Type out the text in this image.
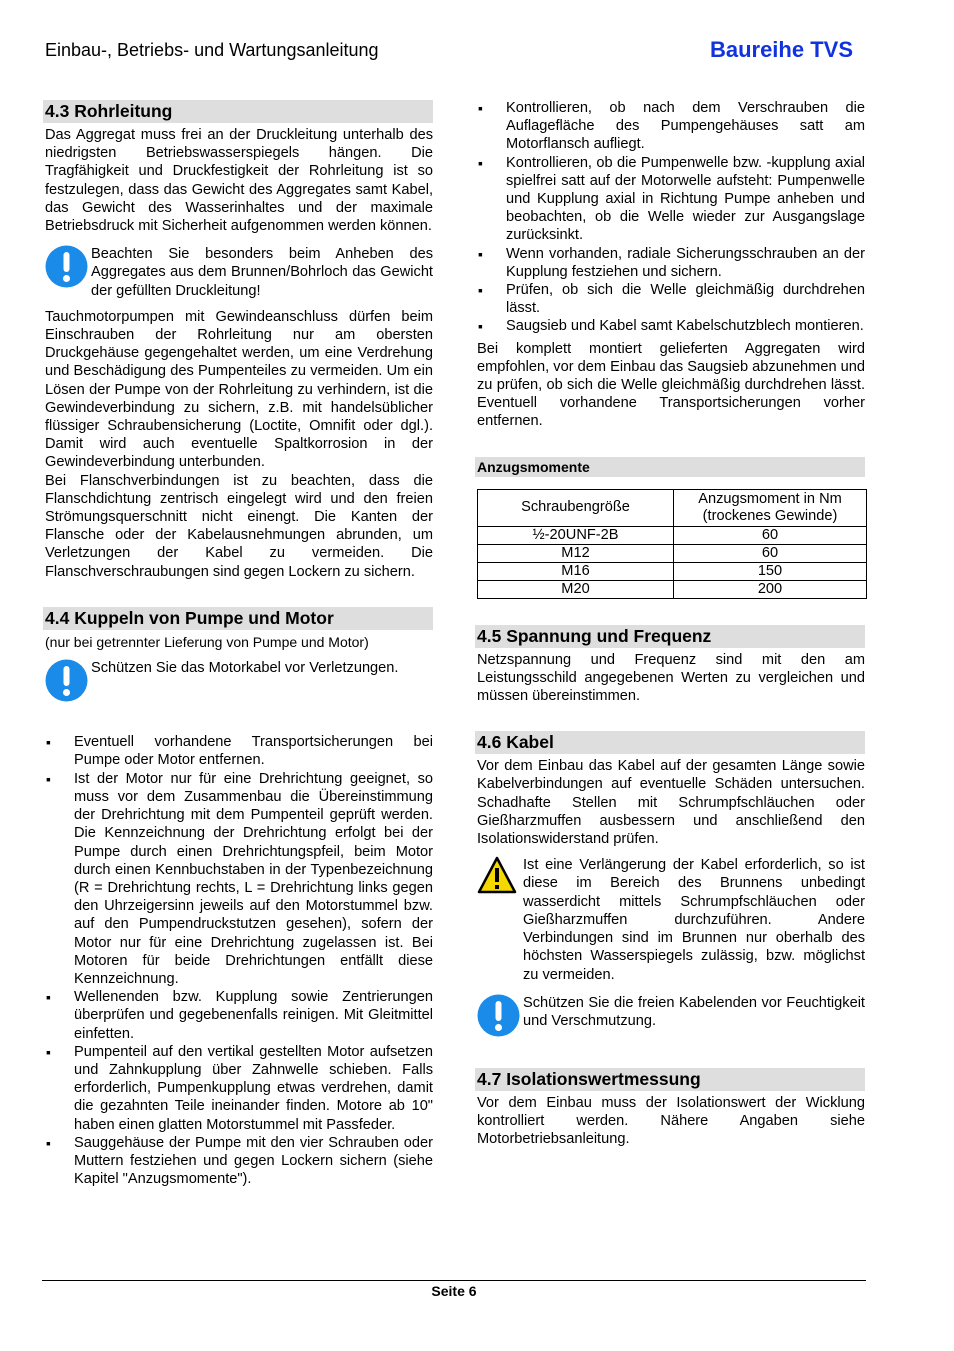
Einbau-, Betriebs- und Wartungsanleitung	Baureihe TVS
4.3 Rohrleitung

Das Aggregat muss frei an der Druckleitung unterhalb des niedrigsten Betriebswasserspiegels hängen. Die Tragfähigkeit und Druckfestigkeit der Rohrleitung ist so festzulegen, dass das Gewicht des Aggregates samt Kabel, das Gewicht des Wasserinhaltes und der maximale Betriebsdruck mit Sicherheit aufgenommen werden können.

Beachten Sie besonders beim Anheben des Aggregates aus dem Brunnen/Bohrloch das Gewicht der gefüllten Druckleitung!

Tauchmotorpumpen mit Gewindeanschluss dürfen beim Einschrauben der Rohrleitung nur am obersten Druckgehäuse gegengehaltet werden, um eine Verdrehung und Beschädigung des Pumpenteiles zu vermeiden. Um ein Lösen der Pumpe von der Rohrleitung zu verhindern, ist die Gewindeverbindung zu sichern, z.B. mit handelsüblicher flüssiger Schraubensicherung (Loctite, Omnifit oder dgl.). Damit wird auch eventuelle Spaltkorrosion in der Gewindeverbindung unterbunden.

Bei Flanschverbindungen ist zu beachten, dass die Flanschdichtung zentrisch eingelegt wird und den freien Strömungsquerschnitt nicht einengt. Die Kanten der Flansche oder der Kabelausnehmungen abrunden, um Verletzungen der Kabel zu vermeiden. Die Flanschverschraubungen sind gegen Lockern zu sichern.

4.4 Kuppeln von Pumpe und Motor
(nur bei getrennter Lieferung von Pumpe und Motor)

Schützen Sie das Motorkabel vor Verletzungen.

▪ Eventuell vorhandene Transportsicherungen bei Pumpe oder Motor entfernen.
▪ Ist der Motor nur für eine Drehrichtung geeignet, so muss vor dem Zusammenbau die Übereinstimmung der Drehrichtung mit dem Pumpenteil geprüft werden. Die Kennzeichnung der Drehrichtung erfolgt bei der Pumpe durch einen Drehrichtungspfeil, beim Motor durch einen Kennbuchstaben in der Typenbezeichnung (R = Drehrichtung rechts, L = Drehrichtung links gegen den Uhrzeigersinn jeweils auf den Motorstummel bzw. auf den Pumpendruckstutzen gesehen), sofern der Motor nur für eine Drehrichtung zugelassen ist. Bei Motoren für beide Drehrichtungen entfällt diese Kennzeichnung.
▪ Wellenenden bzw. Kupplung sowie Zentrierungen überprüfen und gegebenenfalls reinigen. Mit Gleitmittel einfetten.
▪ Pumpenteil auf den vertikal gestellten Motor aufsetzen und Zahnkupplung über Zahnwelle schieben. Falls erforderlich, Pumpenkupplung etwas verdrehen, damit die gezahnten Teile ineinander finden. Motore ab 10" haben einen glatten Motorstummel mit Passfeder.
▪ Sauggehäuse der Pumpe mit den vier Schrauben oder Muttern festziehen und gegen Lockern sichern (siehe Kapitel "Anzugsmomente").
▪ Kontrollieren, ob nach dem Verschrauben die Auflagefläche des Pumpengehäuses satt am Motorflansch aufliegt.
▪ Kontrollieren, ob die Pumpenwelle bzw. -kupplung axial spielfrei satt auf der Motorwelle aufsteht: Pumpenwelle und Kupplung axial in Richtung Pumpe anheben und beobachten, ob die Welle wieder zur Ausgangslage zurücksinkt.
▪ Wenn vorhanden, radiale Sicherungsschrauben an der Kupplung festziehen und sichern.
▪ Prüfen, ob sich die Welle gleichmäßig durchdrehen lässt.
▪ Saugsieb und Kabel samt Kabelschutzblech montieren.

Bei komplett montiert gelieferten Aggregaten wird empfohlen, vor dem Einbau das Saugsieb abzunehmen und zu prüfen, ob sich die Welle gleichmäßig durchdrehen lässt. Eventuell vorhandene Transportsicherungen vorher entfernen.

Anzugsmomente
Schraubengröße	Anzugsmoment in Nm (trockenes Gewinde)
½-20UNF-2B	60
M12	60
M16	150
M20	200
4.5 Spannung und Frequenz

Netzspannung und Frequenz sind mit den am Leistungsschild angegebenen Werten zu vergleichen und müssen übereinstimmen.

4.6 Kabel

Vor dem Einbau das Kabel auf der gesamten Länge sowie Kabelverbindungen auf eventuelle Schäden untersuchen. Schadhafte Stellen mit Schrumpfschläuchen oder Gießharzmuffen ausbessern und anschließend den Isolationswiderstand prüfen.

Ist eine Verlängerung der Kabel erforderlich, so ist diese im Bereich des Brunnens unbedingt wasserdicht mittels Schrumpfschläuchen oder Gießharzmuffen durchzuführen. Andere Verbindungen sind im Brunnen nur oberhalb des höchsten Wasserspiegels zulässig, bzw. möglichst zu vermeiden.

Schützen Sie die freien Kabelenden vor Feuchtigkeit und Verschmutzung.

4.7 Isolationswertmessung

Vor dem Einbau muss der Isolationswert der Wicklung kontrolliert werden. Nähere Angaben siehe Motorbetriebsanleitung.

Seite 6
